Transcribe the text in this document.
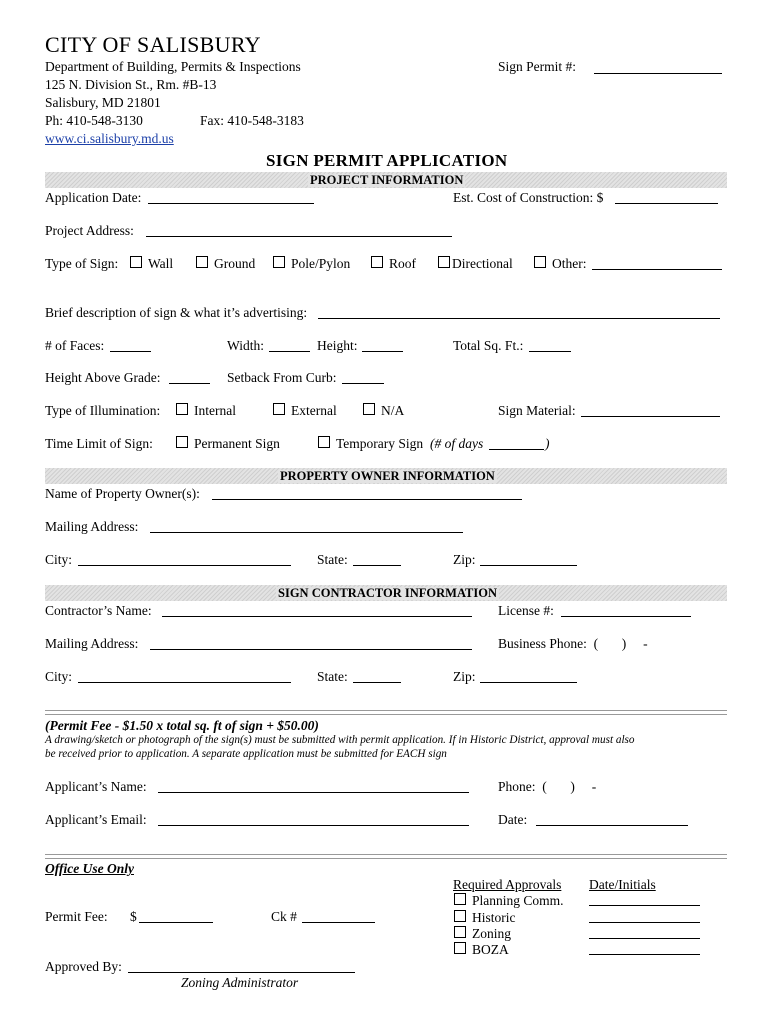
CITY OF SALISBURY
Department of Building, Permits & Inspections
125 N. Division St., Rm. #B-13
Salisbury, MD 21801
Ph: 410-548-3130	Fax: 410-548-3183
www.ci.salisbury.md.us
Sign Permit #:
SIGN PERMIT APPLICATION
PROJECT INFORMATION
Application Date:	Est. Cost of Construction: $
Project Address:
Type of Sign: Wall	Ground	Pole/Pylon	Roof	Directional	Other:
Brief description of sign & what it’s advertising:
# of Faces:	Width:	Height:	Total Sq. Ft.:
Height Above Grade:	Setback From Curb:
Type of Illumination: Internal	External	N/A	Sign Material:
Time Limit of Sign:	Permanent Sign	Temporary Sign (# of days	)
PROPERTY OWNER INFORMATION
Name of Property Owner(s):
Mailing Address:
City:	State:	Zip:
SIGN CONTRACTOR INFORMATION
Contractor’s Name:	License #:
Mailing Address:	Business Phone:  (       )     -
City:	State:	Zip:
(Permit Fee - $1.50 x total sq. ft of sign + $50.00)
A drawing/sketch or photograph of the sign(s) must be submitted with permit application. If in Historic District, approval must also
be received prior to application. A separate application must be submitted for EACH sign
Applicant’s Name:	Phone:  (       )     -
Applicant’s Email:	Date:
Office Use Only
Required Approvals Date/Initials
Planning Comm.
Historic
Zoning
BOZA
Permit Fee: $	Ck #
Approved By:
Zoning Administrator
